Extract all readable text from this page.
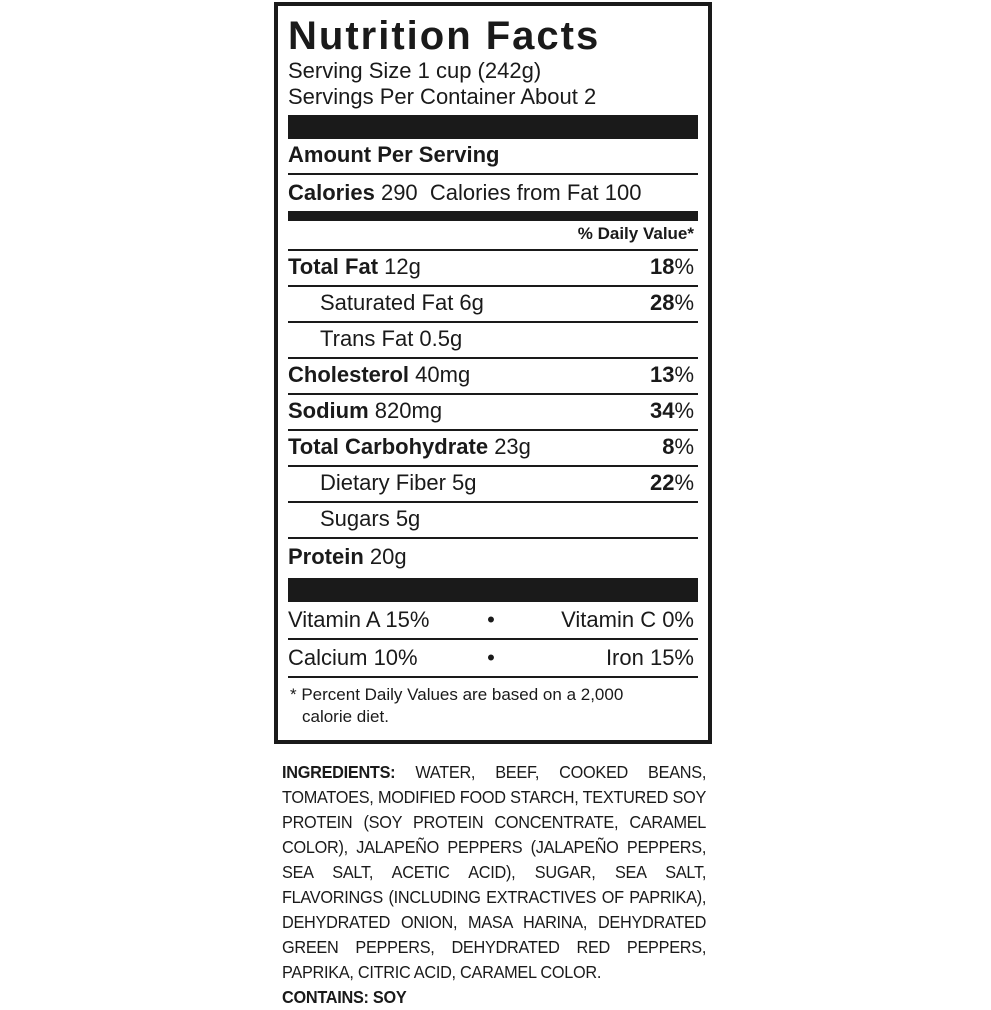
Nutrition Facts
Serving Size 1 cup (242g)
Servings Per Container About 2
Amount Per Serving
Calories 290 Calories from Fat 100
% Daily Value*
Total Fat 12g	18%
Saturated Fat 6g	28%
Trans Fat 0.5g
Cholesterol 40mg	13%
Sodium 820mg	34%
Total Carbohydrate 23g	8%
Dietary Fiber 5g	22%
Sugars 5g
Protein 20g
Vitamin A 15%	•	Vitamin C 0%
Calcium 10%	•	Iron 15%
* Percent Daily Values are based on a 2,000
calorie diet.
INGREDIENTS: WATER, BEEF, COOKED BEANS, TOMATOES, MODIFIED FOOD STARCH, TEXTURED SOY PROTEIN (SOY PROTEIN CONCENTRATE, CARAMEL COLOR), JALAPEÑO PEPPERS (JALAPEÑO PEPPERS, SEA SALT, ACETIC ACID), SUGAR, SEA SALT, FLAVORINGS (INCLUDING EXTRACTIVES OF PAPRIKA), DEHYDRATED ONION, MASA HARINA, DEHYDRATED GREEN PEPPERS, DEHYDRATED RED PEPPERS, PAPRIKA, CITRIC ACID, CARAMEL COLOR.
CONTAINS: SOY
